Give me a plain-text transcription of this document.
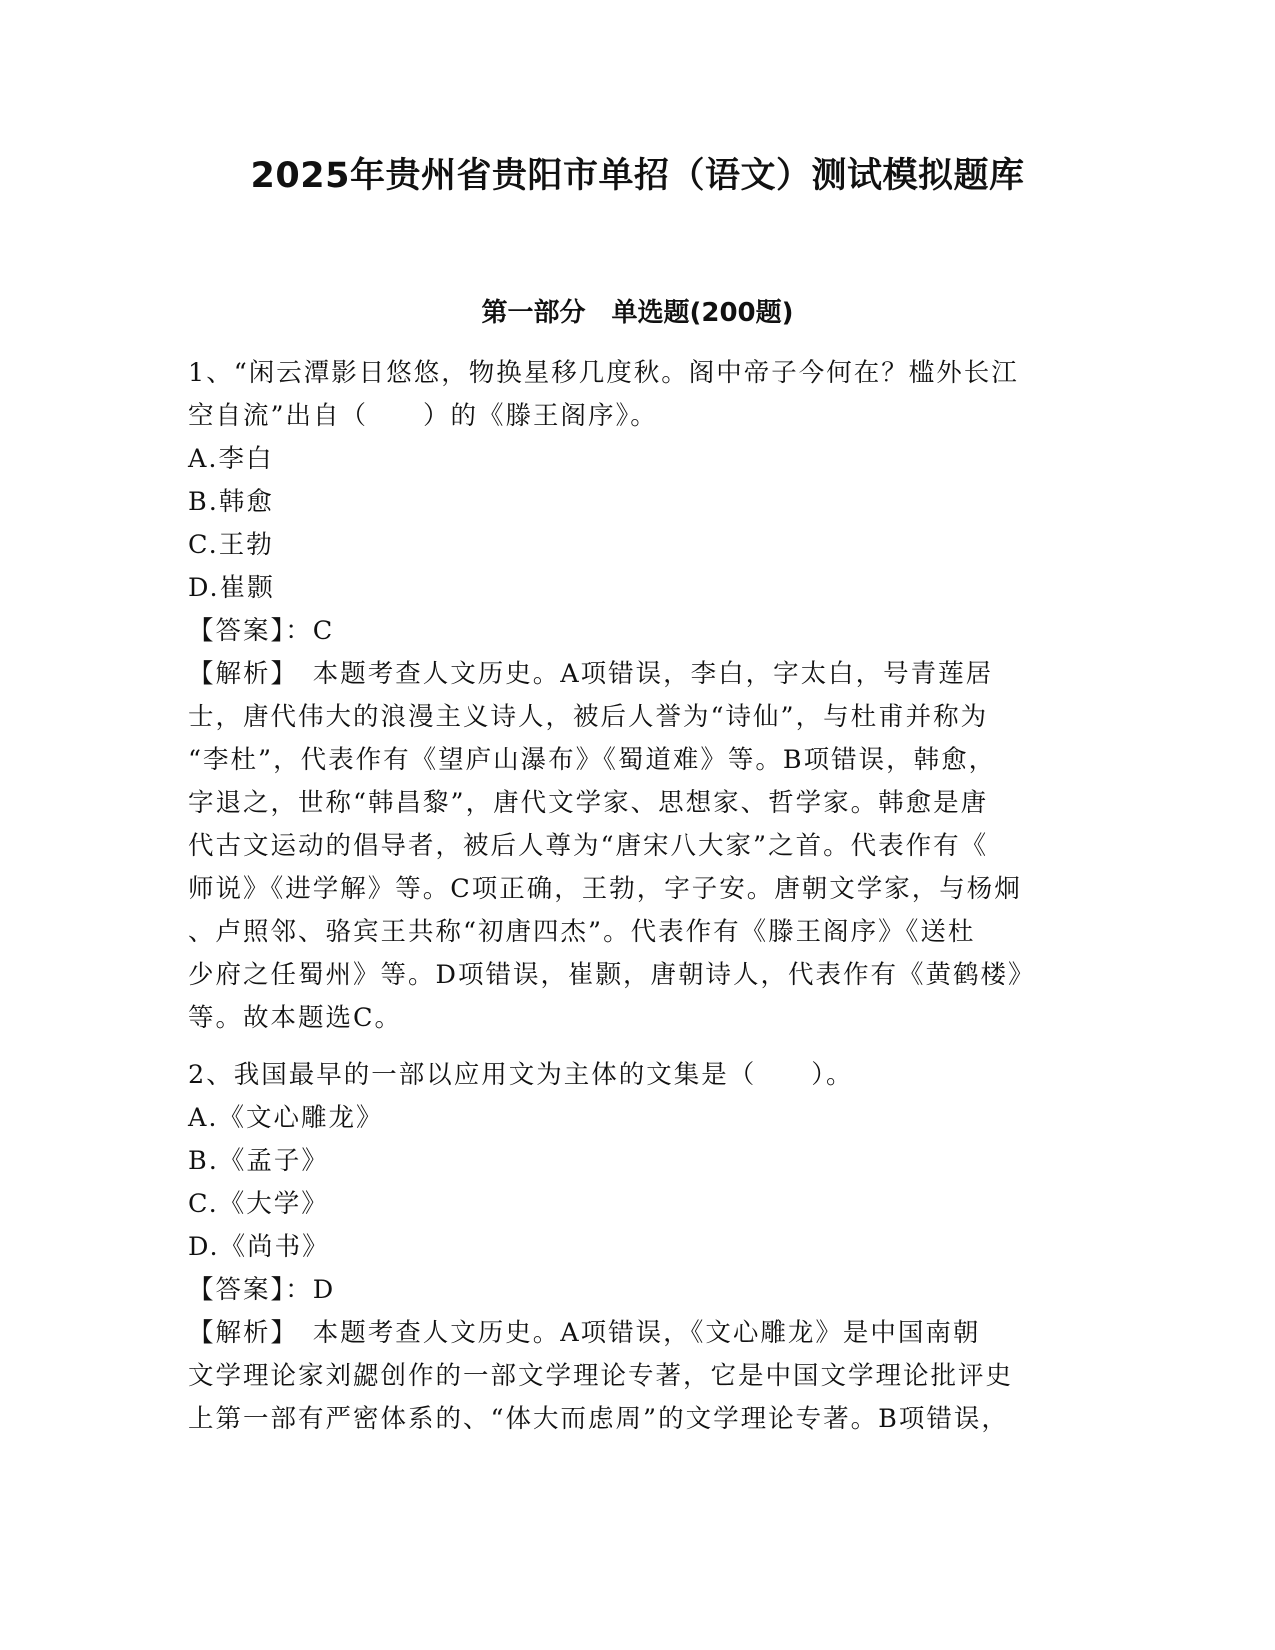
2025年贵州省贵阳市单招（语文）测试模拟题库
第一部分　单选题(200题)
1、“闲云潭影日悠悠，物换星移几度秋。阁中帝子今何在？槛外长江
空自流”出自（　　）的《滕王阁序》。
A.李白
B.韩愈
C.王勃
D.崔颢
【答案】：C
【解析】　本题考查人文历史。A项错误，李白，字太白，号青莲居
士，唐代伟大的浪漫主义诗人，被后人誉为“诗仙”，与杜甫并称为
“李杜”，代表作有《望庐山瀑布》《蜀道难》等。B项错误，韩愈，
字退之，世称“韩昌黎”，唐代文学家、思想家、哲学家。韩愈是唐
代古文运动的倡导者，被后人尊为“唐宋八大家”之首。代表作有《
师说》《进学解》等。C项正确，王勃，字子安。唐朝文学家，与杨炯
、卢照邻、骆宾王共称“初唐四杰”。代表作有《滕王阁序》《送杜
少府之任蜀州》等。D项错误，崔颢，唐朝诗人，代表作有《黄鹤楼》
等。故本题选C。
2、我国最早的一部以应用文为主体的文集是（　　）。
A.《文心雕龙》
B.《孟子》
C.《大学》
D.《尚书》
【答案】：D
【解析】　本题考查人文历史。A项错误，《文心雕龙》是中国南朝
文学理论家刘勰创作的一部文学理论专著，它是中国文学理论批评史
上第一部有严密体系的、“体大而虑周”的文学理论专著。B项错误，
